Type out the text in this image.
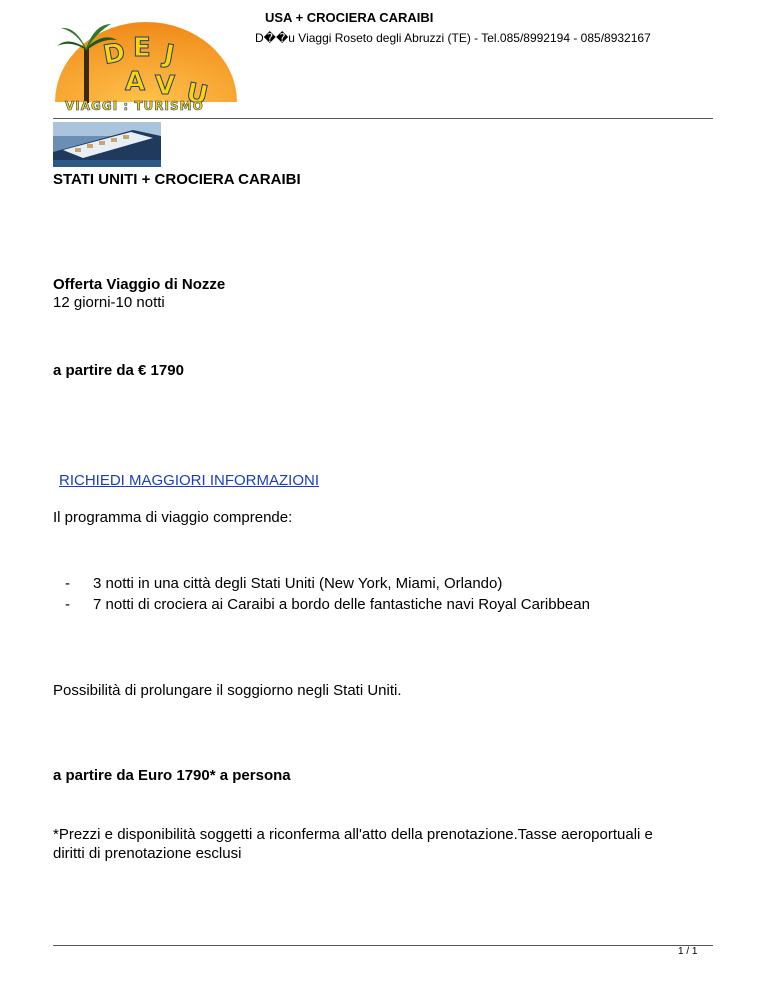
USA + CROCIERA CARAIBI
D��u Viaggi Roseto degli Abruzzi (TE) - Tel.085/8992194 - 085/8932167
D E J
A V U
VIAGGI : TURISMO
STATI UNITI + CROCIERA CARAIBI
Offerta Viaggio di Nozze
12 giorni-10 notti
a partire da € 1790
RICHIEDI MAGGIORI INFORMAZIONI
Il programma di viaggio comprende:
- 3 notti in una città degli Stati Uniti (New York, Miami, Orlando)
- 7 notti di crociera ai Caraibi a bordo delle fantastiche navi Royal Caribbean
Possibilità di prolungare il soggiorno negli Stati Uniti.
a partire da Euro 1790* a persona
*Prezzi e disponibilità soggetti a riconferma all'atto della prenotazione.Tasse aeroportuali e
diritti di prenotazione esclusi
1 / 1
